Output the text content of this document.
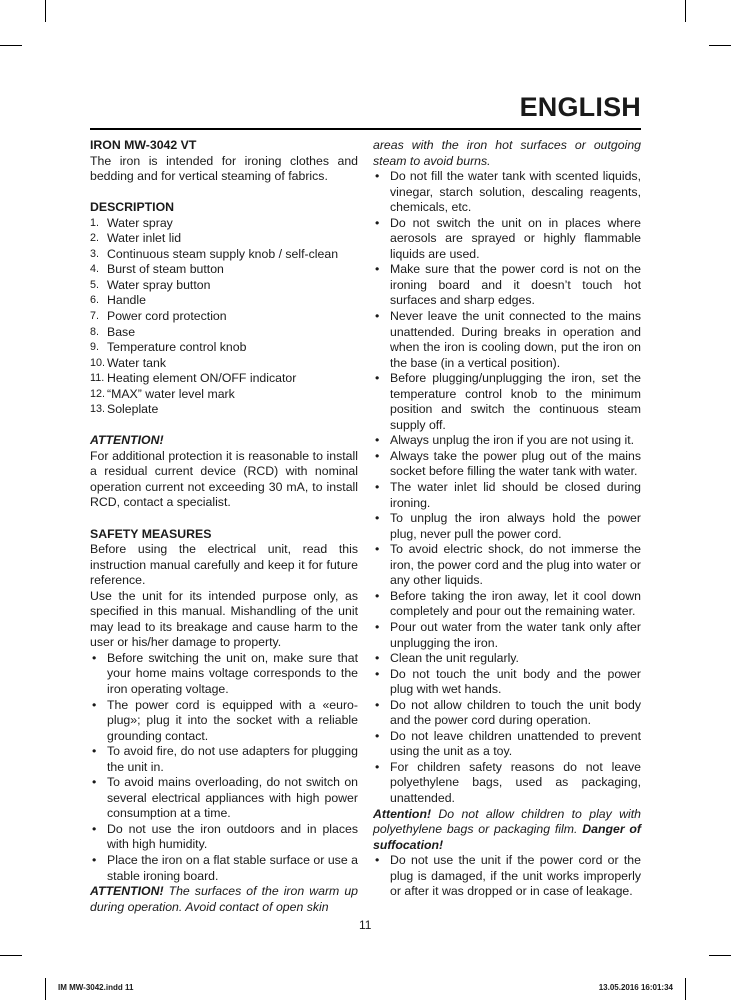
ENGLISH

IRON MW-3042 VT

The iron is intended for ironing clothes and bedding and for vertical steaming of fabrics.

DESCRIPTION

1. Water spray
2. Water inlet lid
3. Continuous steam supply knob / self-clean
4. Burst of steam button
5. Water spray button
6. Handle
7. Power cord protection
8. Base
9. Temperature control knob
10. Water tank
11. Heating element ON/OFF indicator
12. “MAX” water level mark
13. Soleplate

ATTENTION!

For additional protection it is reasonable to install a residual current device (RCD) with nominal operation current not exceeding 30 mA, to install RCD, contact a specialist.

SAFETY MEASURES

Before using the electrical unit, read this instruction manual carefully and keep it for future reference.

Use the unit for its intended purpose only, as specified in this manual. Mishandling of the unit may lead to its breakage and cause harm to the user or his/her damage to property.

• Before switching the unit on, make sure that your home mains voltage corresponds to the iron operating voltage.
• The power cord is equipped with a «euro-plug»; plug it into the socket with a reliable grounding contact.
• To avoid fire, do not use adapters for plugging the unit in.
• To avoid mains overloading, do not switch on several electrical appliances with high power consumption at a time.
• Do not use the iron outdoors and in places with high humidity.
• Place the iron on a flat stable surface or use a stable ironing board.

ATTENTION! The surfaces of the iron warm up during operation. Avoid contact of open skin

areas with the iron hot surfaces or outgoing steam to avoid burns.

• Do not fill the water tank with scented liquids, vinegar, starch solution, descaling reagents, chemicals, etc.
• Do not switch the unit on in places where aerosols are sprayed or highly flammable liquids are used.
• Make sure that the power cord is not on the ironing board and it doesn’t touch hot surfaces and sharp edges.
• Never leave the unit connected to the mains unattended. During breaks in operation and when the iron is cooling down, put the iron on the base (in a vertical position).
• Before plugging/unplugging the iron, set the temperature control knob to the minimum position and switch the continuous steam supply off.
• Always unplug the iron if you are not using it.
• Always take the power plug out of the mains socket before filling the water tank with water.
• The water inlet lid should be closed during ironing.
• To unplug the iron always hold the power plug, never pull the power cord.
• To avoid electric shock, do not immerse the iron, the power cord and the plug into water or any other liquids.
• Before taking the iron away, let it cool down completely and pour out the remaining water.
• Pour out water from the water tank only after unplugging the iron.
• Clean the unit regularly.
• Do not touch the unit body and the power plug with wet hands.
• Do not allow children to touch the unit body and the power cord during operation.
• Do not leave children unattended to prevent using the unit as a toy.
• For children safety reasons do not leave polyethylene bags, used as packaging, unattended.

Attention! Do not allow children to play with polyethylene bags or packaging film. Danger of suffocation!

• Do not use the unit if the power cord or the plug is damaged, if the unit works improperly or after it was dropped or in case of leakage.
11
IM MW-3042.indd 11	13.05.2016 16:01:34
